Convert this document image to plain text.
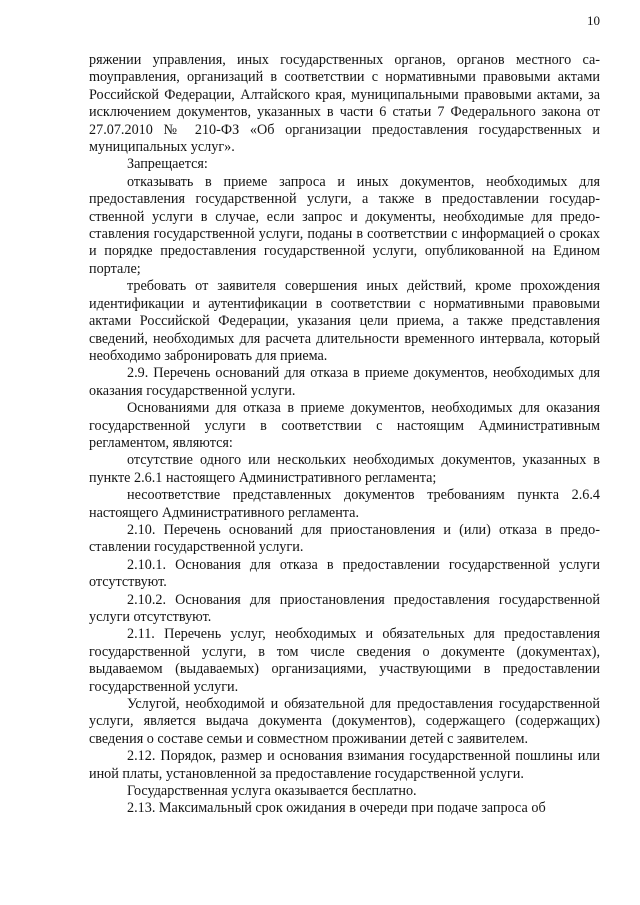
10

ряжении управления, иных государственных органов, органов местного саmоуправления, организаций в соответствии с нормативными правовыми актами Российской Федерации, Алтайского края, муниципальными правовыми актами, за исключением документов, указанных в части 6 статьи 7 Федерального закона от 27.07.2010 № 210-ФЗ «Об организации предоставления государственных и муниципальных услуг».

Запрещается:

отказывать в приеме запроса и иных документов, необходимых для предоставления государственной услуги, а также в предоставлении государственной услуги в случае, если запрос и документы, необходимые для предоставления государственной услуги, поданы в соответствии с информацией о сроках и порядке предоставления государственной услуги, опубликованной на Едином портале;

требовать от заявителя совершения иных действий, кроме прохождения идентификации и аутентификации в соответствии с нормативными правовыми актами Российской Федерации, указания цели приема, а также представления сведений, необходимых для расчета длительности временного интервала, который необходимо забронировать для приема.

2.9. Перечень оснований для отказа в приеме документов, необходимых для оказания государственной услуги.

Основаниями для отказа в приеме документов, необходимых для оказания государственной услуги в соответствии с настоящим Административным регламентом, являются:

отсутствие одного или нескольких необходимых документов, указанных в пункте 2.6.1 настоящего Административного регламента;

несоответствие представленных документов требованиям пункта 2.6.4 настоящего Административного регламента.

2.10. Перечень оснований для приостановления и (или) отказа в предоставлении государственной услуги.

2.10.1. Основания для отказа в предоставлении государственной услуги отсутствуют.

2.10.2. Основания для приостановления предоставления государственной услуги отсутствуют.

2.11. Перечень услуг, необходимых и обязательных для предоставления государственной услуги, в том числе сведения о документе (документах), выдаваемом (выдаваемых) организациями, участвующими в предоставлении государственной услуги.

Услугой, необходимой и обязательной для предоставления государственной услуги, является выдача документа (документов), содержащего (содержащих) сведения о составе семьи и совместном проживании детей с заявителем.

2.12. Порядок, размер и основания взимания государственной пошлины или иной платы, установленной за предоставление государственной услуги.

Государственная услуга оказывается бесплатно.

2.13. Максимальный срок ожидания в очереди при подаче запроса об
